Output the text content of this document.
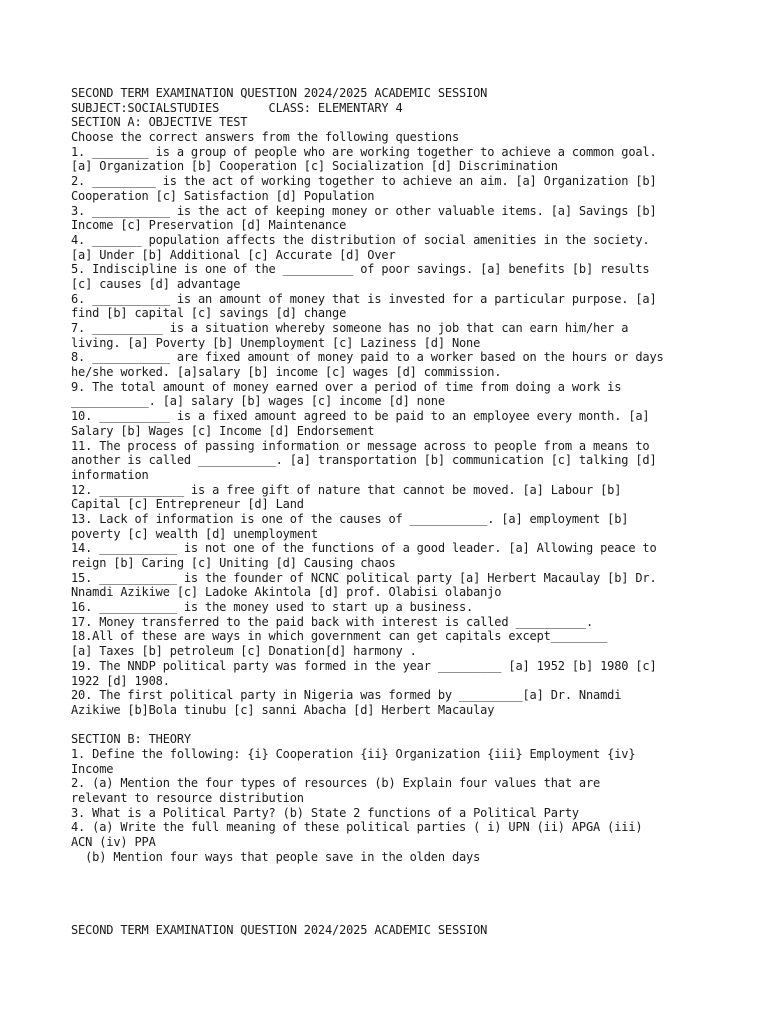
SECOND TERM EXAMINATION QUESTION 2024/2025 ACADEMIC SESSION
SUBJECT:SOCIALSTUDIES       CLASS: ELEMENTARY 4
SECTION A: OBJECTIVE TEST
Choose the correct answers from the following questions
1. ________ is a group of people who are working together to achieve a common goal.
[a] Organization [b] Cooperation [c] Socialization [d] Discrimination
2. _________ is the act of working together to achieve an aim. [a] Organization [b]
Cooperation [c] Satisfaction [d] Population
3. ___________ is the act of keeping money or other valuable items. [a] Savings [b]
Income [c] Preservation [d] Maintenance
4. _______ population affects the distribution of social amenities in the society.
[a] Under [b] Additional [c] Accurate [d] Over
5. Indiscipline is one of the __________ of poor savings. [a] benefits [b] results
[c] causes [d] advantage
6. ___________ is an amount of money that is invested for a particular purpose. [a]
find [b] capital [c] savings [d] change
7. __________ is a situation whereby someone has no job that can earn him/her a
living. [a] Poverty [b] Unemployment [c] Laziness [d] None
8. ___________ are fixed amount of money paid to a worker based on the hours or days
he/she worked. [a]salary [b] income [c] wages [d] commission.
9. The total amount of money earned over a period of time from doing a work is
___________. [a] salary [b] wages [c] income [d] none
10. __________ is a fixed amount agreed to be paid to an employee every month. [a]
Salary [b] Wages [c] Income [d] Endorsement
11. The process of passing information or message across to people from a means to
another is called ___________. [a] transportation [b] communication [c] talking [d]
information
12. ____________ is a free gift of nature that cannot be moved. [a] Labour [b]
Capital [c] Entrepreneur [d] Land
13. Lack of information is one of the causes of ___________. [a] employment [b]
poverty [c] wealth [d] unemployment
14. ___________ is not one of the functions of a good leader. [a] Allowing peace to
reign [b] Caring [c] Uniting [d] Causing chaos
15. ___________ is the founder of NCNC political party [a] Herbert Macaulay [b] Dr.
Nnamdi Azikiwe [c] Ladoke Akintola [d] prof. Olabisi olabanjo
16. ___________ is the money used to start up a business.
17. Money transferred to the paid back with interest is called __________.
18.All of these are ways in which government can get capitals except________
[a] Taxes [b] petroleum [c] Donation[d] harmony .
19. The NNDP political party was formed in the year _________ [a] 1952 [b] 1980 [c]
1922 [d] 1908.
20. The first political party in Nigeria was formed by _________[a] Dr. Nnamdi
Azikiwe [b]Bola tinubu [c] sanni Abacha [d] Herbert Macaulay
SECTION B: THEORY
1. Define the following: {i} Cooperation {ii} Organization {iii} Employment {iv}
Income
2. (a) Mention the four types of resources (b) Explain four values that are
relevant to resource distribution
3. What is a Political Party? (b) State 2 functions of a Political Party
4. (a) Write the full meaning of these political parties ( i) UPN (ii) APGA (iii)
ACN (iv) PPA
(b) Mention four ways that people save in the olden days
SECOND TERM EXAMINATION QUESTION 2024/2025 ACADEMIC SESSION
